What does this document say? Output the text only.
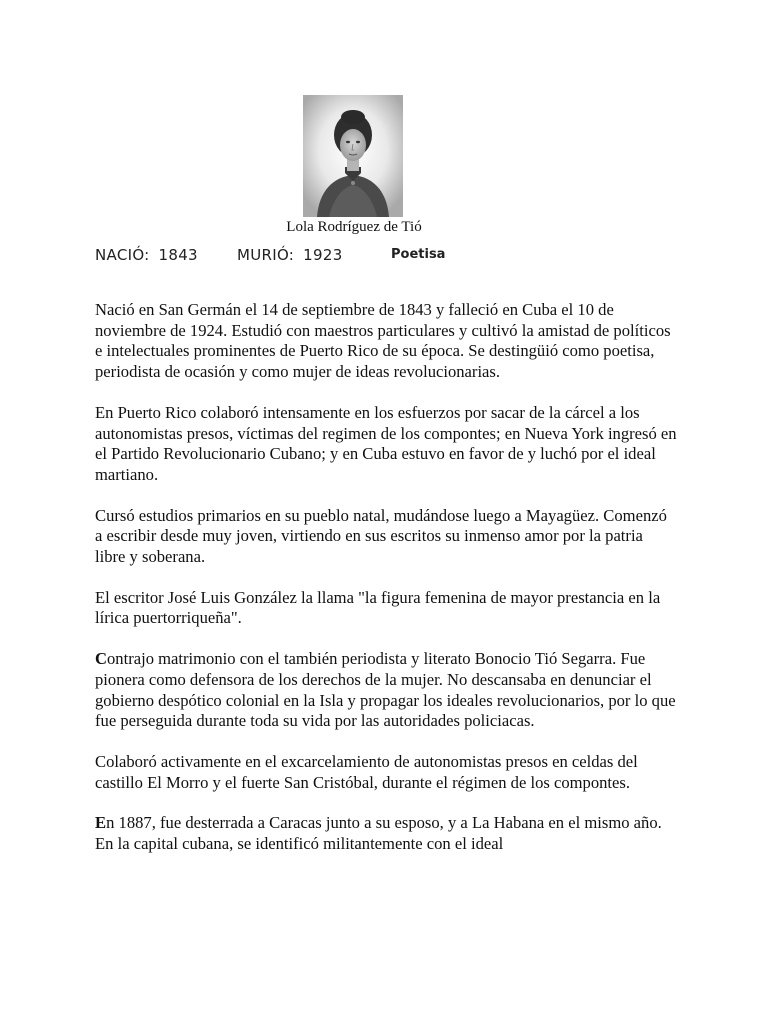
Lola Rodríguez de Tió
NACIÓ: 1843	MURIÓ: 1923	Poetisa

Nació en San Germán el 14 de septiembre de 1843 y falleció en Cuba el 10 de noviembre de 1924. Estudió con maestros particulares y cultivó la amistad de políticos e intelectuales prominentes de Puerto Rico de su época. Se destingüió como poetisa, periodista de ocasión y como mujer de ideas revolucionarias.

En Puerto Rico colaboró intensamente en los esfuerzos por sacar de la cárcel a los autonomistas presos, víctimas del regimen de los compontes; en Nueva York ingresó en el Partido Revolucionario Cubano; y en Cuba estuvo en favor de y luchó por el ideal martiano.

Cursó estudios primarios en su pueblo natal, mudándose luego a Mayagüez. Comenzó a escribir desde muy joven, virtiendo en sus escritos su inmenso amor por la patria libre y soberana.

El escritor José Luis González la llama "la figura femenina de mayor prestancia en la lírica puertorriqueña".

Contrajo matrimonio con el también periodista y literato Bonocio Tió Segarra. Fue pionera como defensora de los derechos de la mujer. No descansaba en denunciar el gobierno despótico colonial en la Isla y propagar los ideales revolucionarios, por lo que fue perseguida durante toda su vida por las autoridades policiacas.

Colaboró activamente en el excarcelamiento de autonomistas presos en celdas del castillo El Morro y el fuerte San Cristóbal, durante el régimen de los compontes.

En 1887, fue desterrada a Caracas junto a su esposo, y a La Habana en el mismo año. En la capital cubana, se identificó militantemente con el ideal
